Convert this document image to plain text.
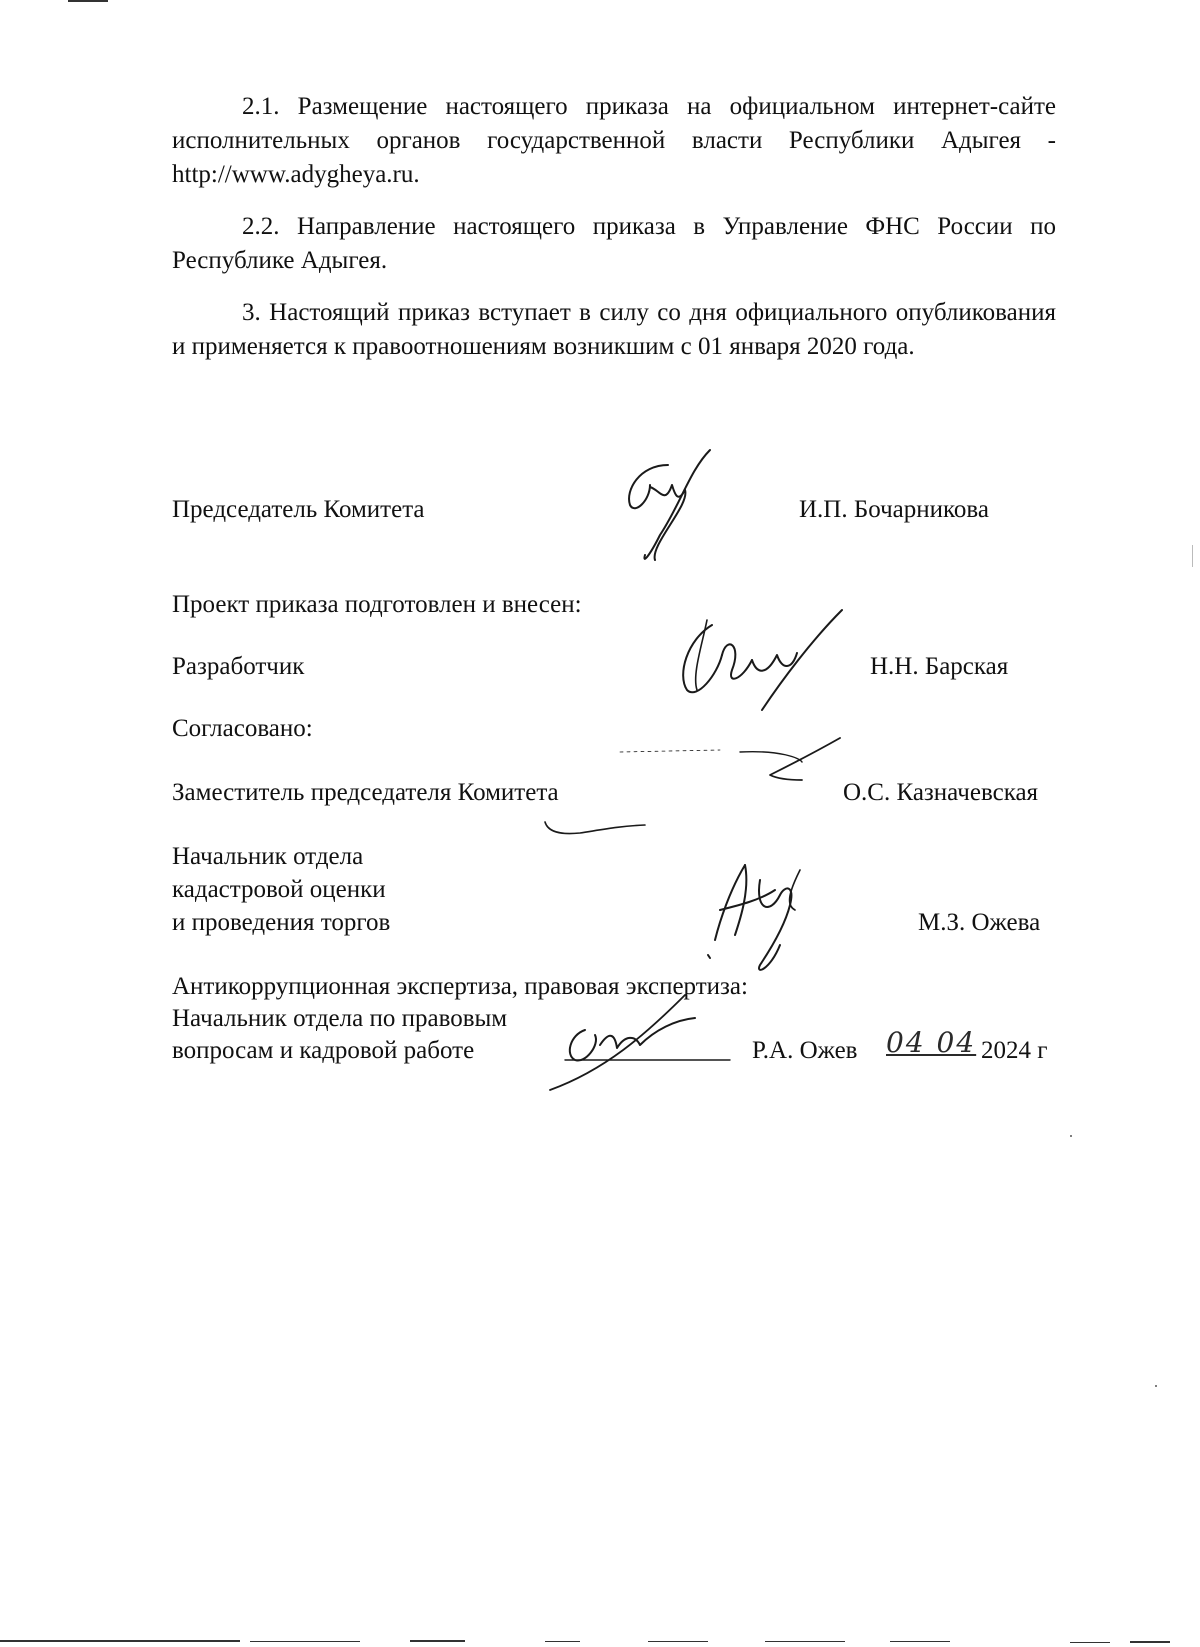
2.1. Размещение настоящего приказа на официальном интернет-сайте исполнительных органов государственной власти Республики Адыгея - http://www.adygheya.ru.

2.2. Направление настоящего приказа в Управление ФНС России по Республике Адыгея.

3. Настоящий приказ вступает в силу со дня официального опубликования и применяется к правоотношениям возникшим с 01 января 2020 года.

Председатель Комитета	И.П. Бочарникова
Проект приказа подготовлен и внесен:
Разработчик	Н.Н. Барская
Согласовано:
Заместитель председателя Комитета	О.С. Казначевская
Начальник отдела
кадастровой оценки
и проведения торгов	М.З. Ожева
Антикоррупционная экспертиза, правовая экспертиза:
Начальник отдела по правовым
вопросам и кадровой работе	Р.А. Ожев 04 04 2024 г
